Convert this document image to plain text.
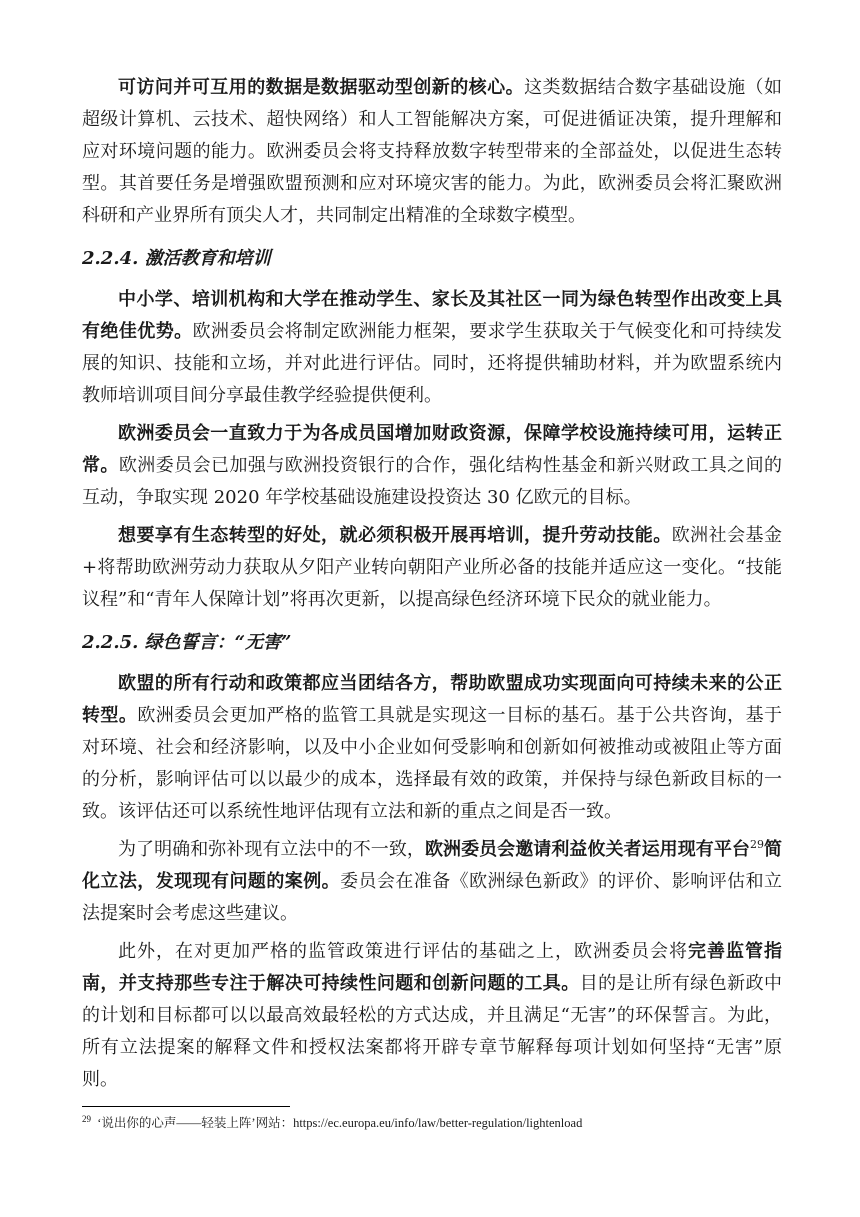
可访问并可互用的数据是数据驱动型创新的核心。这类数据结合数字基础设施（如超级计算机、云技术、超快网络）和人工智能解决方案，可促进循证决策，提升理解和应对环境问题的能力。欧洲委员会将支持释放数字转型带来的全部益处，以促进生态转型。其首要任务是增强欧盟预测和应对环境灾害的能力。为此，欧洲委员会将汇聚欧洲科研和产业界所有顶尖人才，共同制定出精准的全球数字模型。

2.2.4. 激活教育和培训

中小学、培训机构和大学在推动学生、家长及其社区一同为绿色转型作出改变上具有绝佳优势。欧洲委员会将制定欧洲能力框架，要求学生获取关于气候变化和可持续发展的知识、技能和立场，并对此进行评估。同时，还将提供辅助材料，并为欧盟系统内教师培训项目间分享最佳教学经验提供便利。

欧洲委员会一直致力于为各成员国增加财政资源，保障学校设施持续可用，运转正常。欧洲委员会已加强与欧洲投资银行的合作，强化结构性基金和新兴财政工具之间的互动，争取实现 2020 年学校基础设施建设投资达 30 亿欧元的目标。

想要享有生态转型的好处，就必须积极开展再培训，提升劳动技能。欧洲社会基金+将帮助欧洲劳动力获取从夕阳产业转向朝阳产业所必备的技能并适应这一变化。“技能议程”和“青年人保障计划”将再次更新，以提高绿色经济环境下民众的就业能力。

2.2.5. 绿色誓言：“无害”

欧盟的所有行动和政策都应当团结各方，帮助欧盟成功实现面向可持续未来的公正转型。欧洲委员会更加严格的监管工具就是实现这一目标的基石。基于公共咨询，基于对环境、社会和经济影响，以及中小企业如何受影响和创新如何被推动或被阻止等方面的分析，影响评估可以以最少的成本，选择最有效的政策，并保持与绿色新政目标的一致。该评估还可以系统性地评估现有立法和新的重点之间是否一致。

为了明确和弥补现有立法中的不一致，欧洲委员会邀请利益攸关者运用现有平台$^{29}$简化立法，发现现有问题的案例。委员会在准备《欧洲绿色新政》的评价、影响评估和立法提案时会考虑这些建议。

此外，在对更加严格的监管政策进行评估的基础之上，欧洲委员会将完善监管指南，并支持那些专注于解决可持续性问题和创新问题的工具。目的是让所有绿色新政中的计划和目标都可以以最高效最轻松的方式达成，并且满足“无害”的环保誓言。为此，所有立法提案的解释文件和授权法案都将开辟专章节解释每项计划如何坚持“无害”原则。

$^{29}$ ‘说出你的心声——轻装上阵’网站：https://ec.europa.eu/info/law/better-regulation/lightenload
